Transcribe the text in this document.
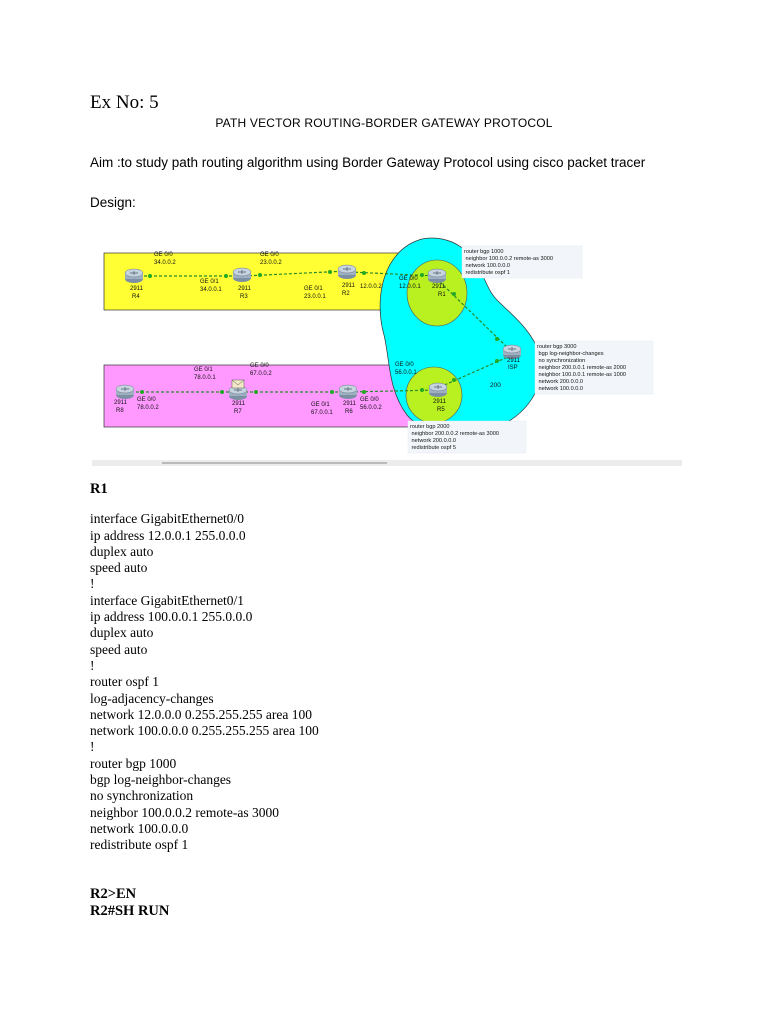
Ex No: 5
PATH VECTOR ROUTING-BORDER GATEWAY PROTOCOL
Aim :to study path routing algorithm using Border Gateway Protocol using cisco packet tracer
Design:
2911
R4
2911
R3
2911
R2
2911
R1
2911
ISP
2911
R8
2911
R7
2911
R6
2911
R5
GE 0/0
34.0.0.2
GE 0/1
34.0.0.1
GE 0/0
23.0.0.2
GE 0/1
23.0.0.1
12.0.0.2
GE 0/0
12.0.0.1
GE 0/1
78.0.0.1
GE 0/0
67.0.0.2
GE 0/0
78.0.0.2	GE 0/1
67.0.0.1
GE 0/0
56.0.0.2
GE 0/0
56.0.0.1
200
router bgp 1000
neighbor 100.0.0.2 remote-as 3000
network 100.0.0.0
redistribute ospf 1
router bgp 3000
bgp log-neighbor-changes
no synchronization
neighbor 200.0.0.1 remote-as 2000
neighbor 100.0.0.1 remote-as 1000
network 200.0.0.0
network 100.0.0.0
router bgp 2000
neighbor 200.0.0.2 remote-as 3000
network 200.0.0.0
redistribute ospf 5
R1
interface GigabitEthernet0/0
ip address 12.0.0.1 255.0.0.0
duplex auto
speed auto
!
interface GigabitEthernet0/1
ip address 100.0.0.1 255.0.0.0
duplex auto
speed auto
!
router ospf 1
log-adjacency-changes
network 12.0.0.0 0.255.255.255 area 100
network 100.0.0.0 0.255.255.255 area 100
!
router bgp 1000
bgp log-neighbor-changes
no synchronization
neighbor 100.0.0.2 remote-as 3000
network 100.0.0.0
redistribute ospf 1
R2>EN
R2#SH RUN
